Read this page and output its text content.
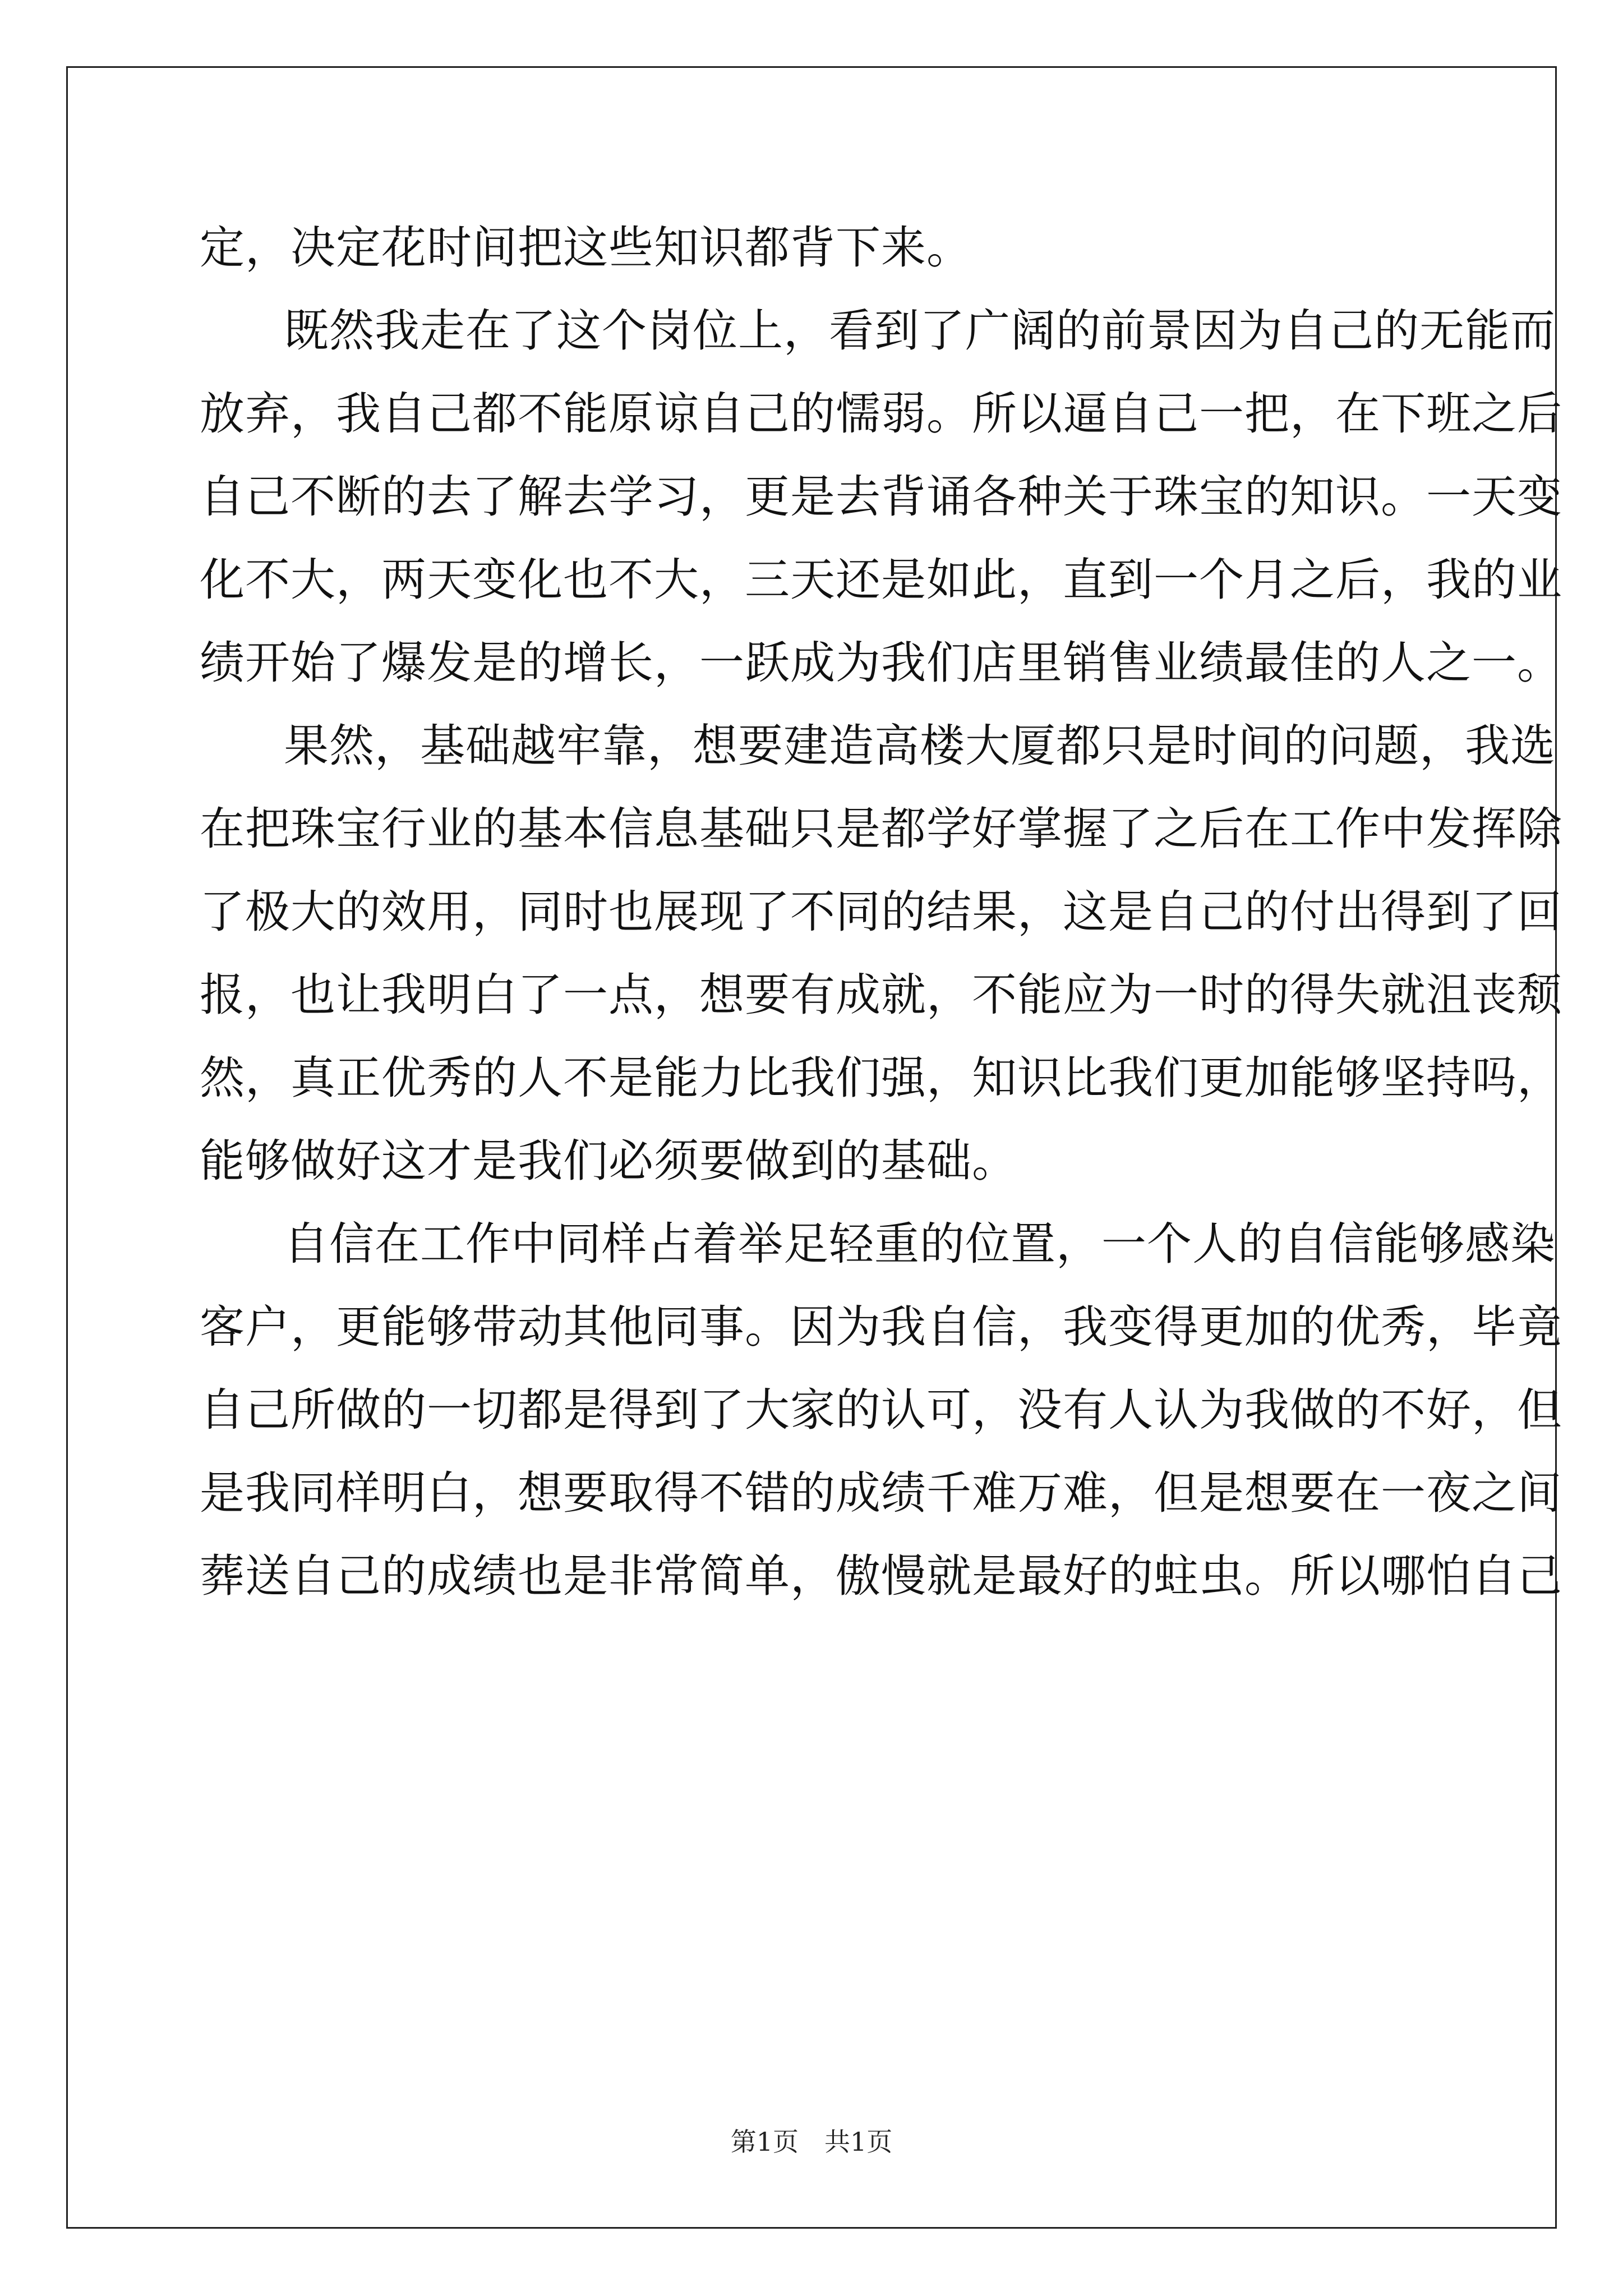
定，决定花时间把这些知识都背下来。
既然我走在了这个岗位上，看到了广阔的前景因为自己的无能而
放弃，我自己都不能原谅自己的懦弱。所以逼自己一把，在下班之后
自己不断的去了解去学习，更是去背诵各种关于珠宝的知识。一天变
化不大，两天变化也不大，三天还是如此，直到一个月之后，我的业
绩开始了爆发是的增长，一跃成为我们店里销售业绩最佳的人之一。
果然，基础越牢靠，想要建造高楼大厦都只是时间的问题，我选
在把珠宝行业的基本信息基础只是都学好掌握了之后在工作中发挥除
了极大的效用，同时也展现了不同的结果，这是自己的付出得到了回
报，也让我明白了一点，想要有成就，不能应为一时的得失就沮丧颓
然，真正优秀的人不是能力比我们强，知识比我们更加能够坚持吗，
能够做好这才是我们必须要做到的基础。
自信在工作中同样占着举足轻重的位置，一个人的自信能够感染
客户，更能够带动其他同事。因为我自信，我变得更加的优秀，毕竟
自己所做的一切都是得到了大家的认可，没有人认为我做的不好，但
是我同样明白，想要取得不错的成绩千难万难，但是想要在一夜之间
葬送自己的成绩也是非常简单，傲慢就是最好的蛀虫。所以哪怕自己
第1页　共1页
